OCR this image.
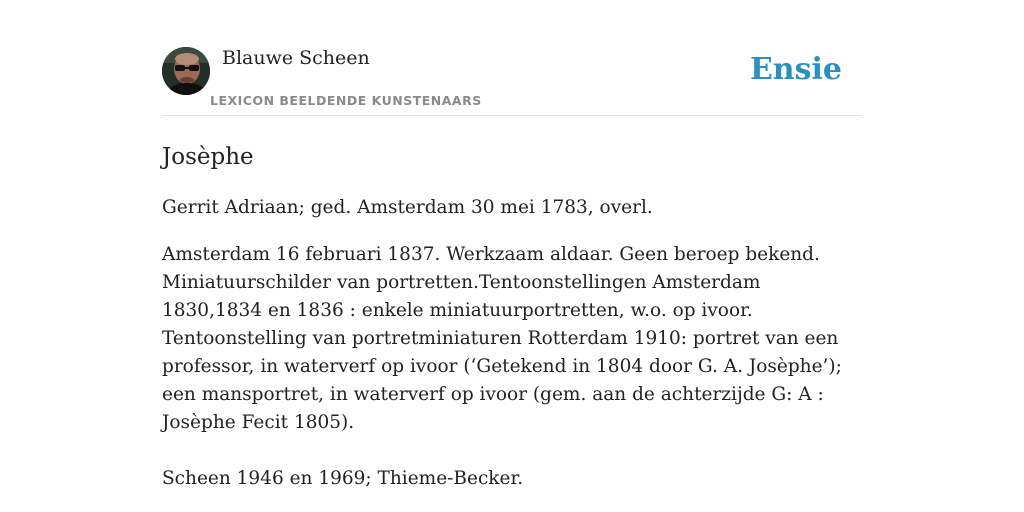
Blauwe Scheen
LEXICON BEELDENDE KUNSTENAARS
Ensie
Josèphe

Gerrit Adriaan; ged. Amsterdam 30 mei 1783, overl.

Amsterdam 16 februari 1837. Werkzaam aldaar. Geen beroep bekend. Miniatuurschilder van portretten.Tentoonstellingen Amsterdam 1830,1834 en 1836 : enkele miniatuurportretten, w.o. op ivoor. Tentoonstelling van portretminiaturen Rotterdam 1910: portret van een professor, in waterverf op ivoor (‘Getekend in 1804 door G. A. Josèphe’); een mansportret, in waterverf op ivoor (gem. aan de achterzijde G: A : Josèphe Fecit 1805).

Scheen 1946 en 1969; Thieme-Becker.
